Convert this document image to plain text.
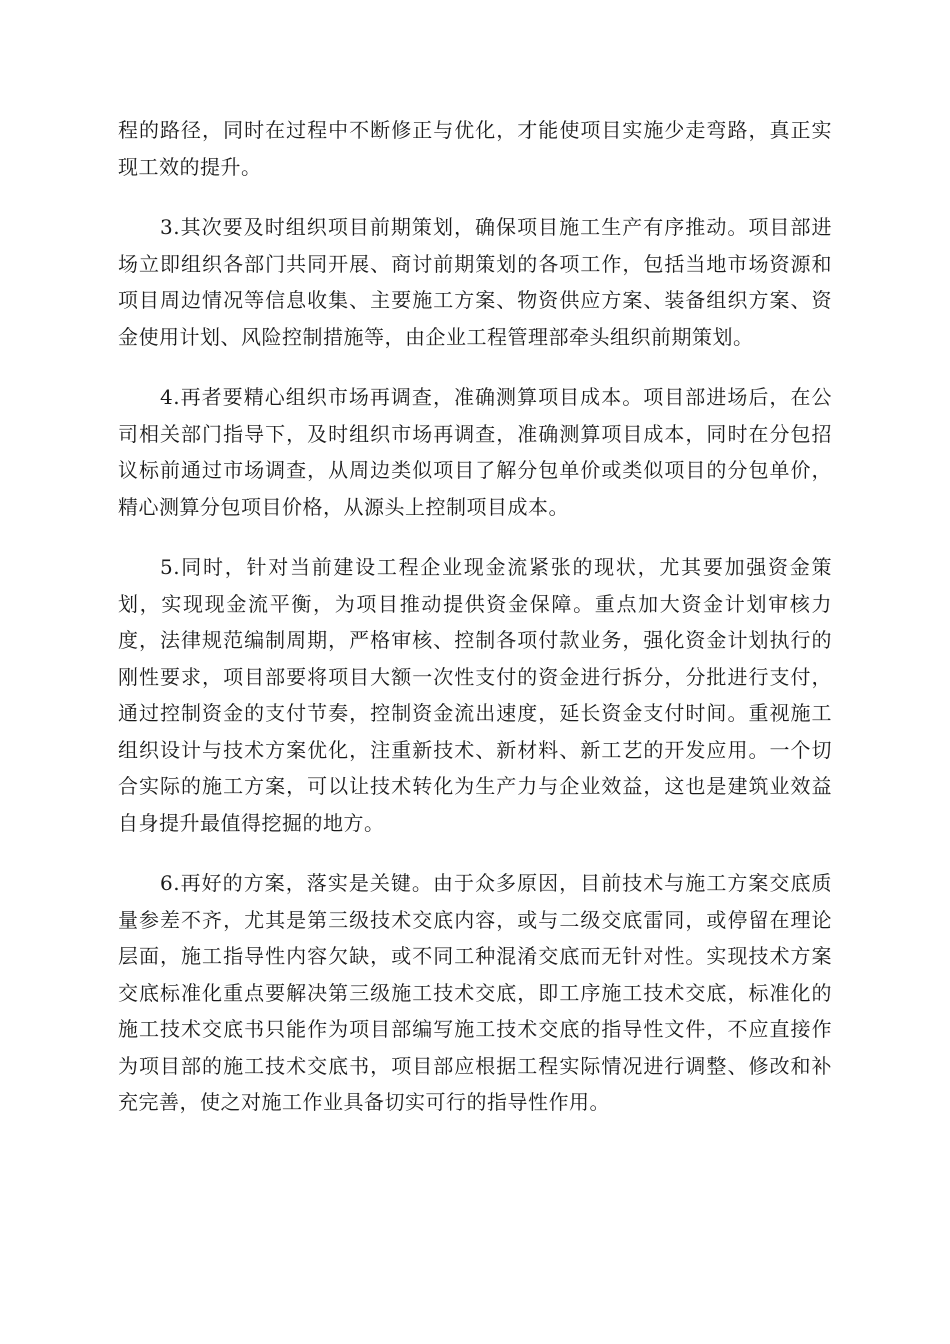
程的路径，同时在过程中不断修正与优化，才能使项目实施少走弯路，真正实现工效的提升。

3.其次要及时组织项目前期策划，确保项目施工生产有序推动。项目部进场立即组织各部门共同开展、商讨前期策划的各项工作，包括当地市场资源和项目周边情况等信息收集、主要施工方案、物资供应方案、装备组织方案、资金使用计划、风险控制措施等，由企业工程管理部牵头组织前期策划。

4.再者要精心组织市场再调查，准确测算项目成本。项目部进场后，在公司相关部门指导下，及时组织市场再调查，准确测算项目成本，同时在分包招议标前通过市场调查，从周边类似项目了解分包单价或类似项目的分包单价，精心测算分包项目价格，从源头上控制项目成本。

5.同时，针对当前建设工程企业现金流紧张的现状，尤其要加强资金策划，实现现金流平衡，为项目推动提供资金保障。重点加大资金计划审核力度，法律规范编制周期，严格审核、控制各项付款业务，强化资金计划执行的刚性要求，项目部要将项目大额一次性支付的资金进行拆分，分批进行支付，通过控制资金的支付节奏，控制资金流出速度，延长资金支付时间。重视施工组织设计与技术方案优化，注重新技术、新材料、新工艺的开发应用。一个切合实际的施工方案，可以让技术转化为生产力与企业效益，这也是建筑业效益自身提升最值得挖掘的地方。

6.再好的方案，落实是关键。由于众多原因，目前技术与施工方案交底质量参差不齐，尤其是第三级技术交底内容，或与二级交底雷同，或停留在理论层面，施工指导性内容欠缺，或不同工种混淆交底而无针对性。实现技术方案交底标准化重点要解决第三级施工技术交底，即工序施工技术交底，标准化的施工技术交底书只能作为项目部编写施工技术交底的指导性文件，不应直接作为项目部的施工技术交底书，项目部应根据工程实际情况进行调整、修改和补充完善，使之对施工作业具备切实可行的指导性作用。
